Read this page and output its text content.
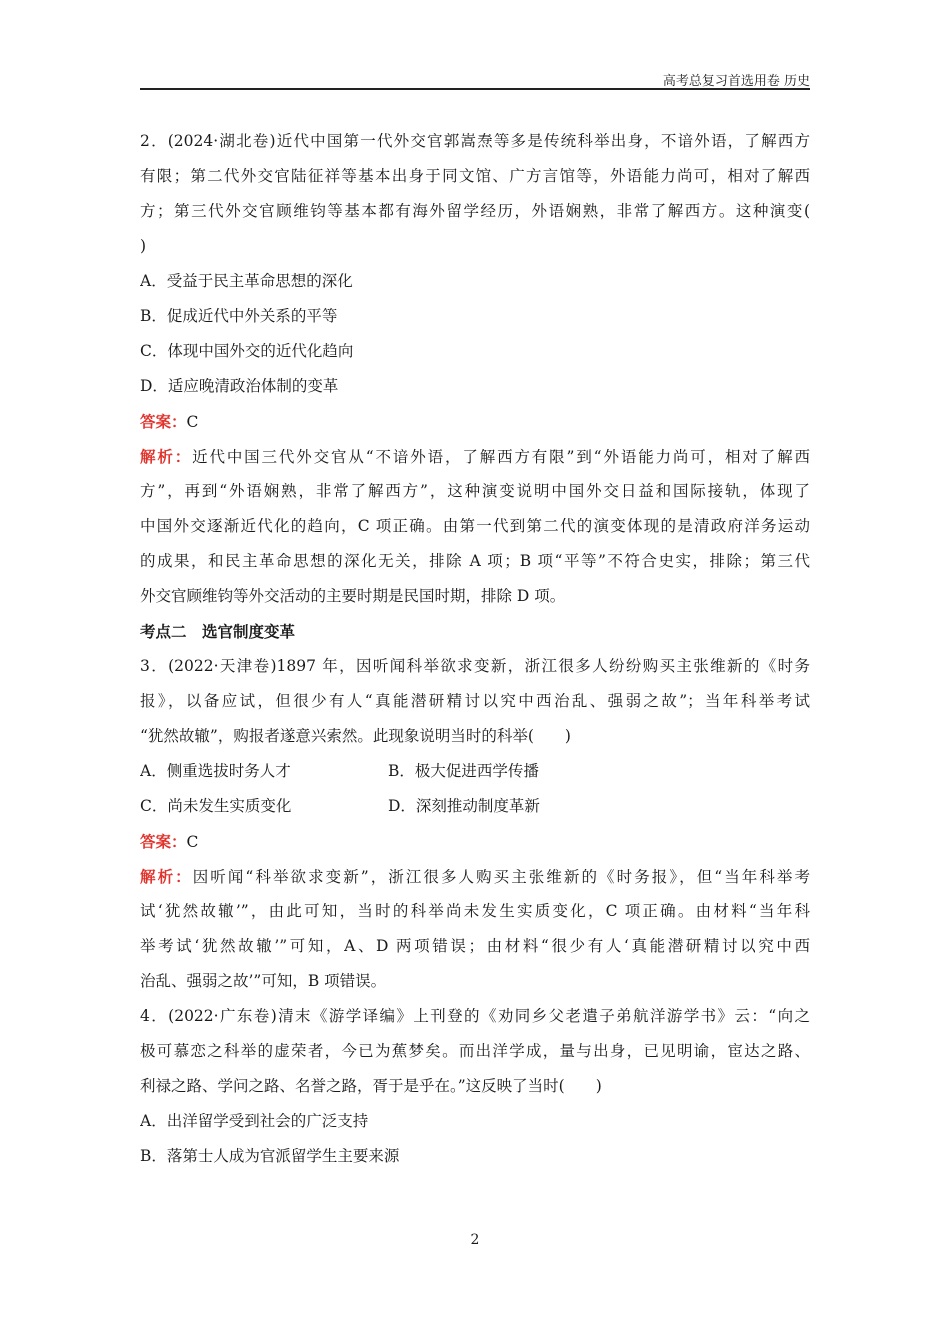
高考总复习首选用卷 历史
2．(2024·湖北卷)近代中国第一代外交官郭嵩焘等多是传统科举出身，不谙外语，了解西方
有限；第二代外交官陆征祥等基本出身于同文馆、广方言馆等，外语能力尚可，相对了解西
方；第三代外交官顾维钧等基本都有海外留学经历，外语娴熟，非常了解西方。这种演变(
)
A．受益于民主革命思想的深化
B．促成近代中外关系的平等
C．体现中国外交的近代化趋向
D．适应晚清政治体制的变革
答案：C
解析：近代中国三代外交官从“不谙外语，了解西方有限”到“外语能力尚可，相对了解西
方”，再到“外语娴熟，非常了解西方”，这种演变说明中国外交日益和国际接轨，体现了
中国外交逐渐近代化的趋向，C 项正确。由第一代到第二代的演变体现的是清政府洋务运动
的成果，和民主革命思想的深化无关，排除 A 项；B 项“平等”不符合史实，排除；第三代
外交官顾维钧等外交活动的主要时期是民国时期，排除 D 项。
考点二　选官制度变革
3．(2022·天津卷)1897 年，因听闻科举欲求变新，浙江很多人纷纷购买主张维新的《时务
报》，以备应试，但很少有人“真能潜研精讨以究中西治乱、强弱之故”；当年科举考试
“犹然故辙”，购报者遂意兴索然。此现象说明当时的科举(　　)
A．侧重选拔时务人才	B．极大促进西学传播
C．尚未发生实质变化	D．深刻推动制度革新
答案：C
解析：因听闻“科举欲求变新”，浙江很多人购买主张维新的《时务报》，但“当年科举考
试‘犹然故辙’”，由此可知，当时的科举尚未发生实质变化，C 项正确。由材料“当年科
举考试‘犹然故辙’”可知，A、D 两项错误；由材料“很少有人‘真能潜研精讨以究中西
治乱、强弱之故’”可知，B 项错误。
4．(2022·广东卷)清末《游学译编》上刊登的《劝同乡父老遣子弟航洋游学书》云：“向之
极可慕恋之科举的虚荣者，今已为蕉梦矣。而出洋学成，量与出身，已见明谕，宦达之路、
利禄之路、学问之路、名誉之路，胥于是乎在。”这反映了当时(　　)
A．出洋留学受到社会的广泛支持
B．落第士人成为官派留学生主要来源
2
